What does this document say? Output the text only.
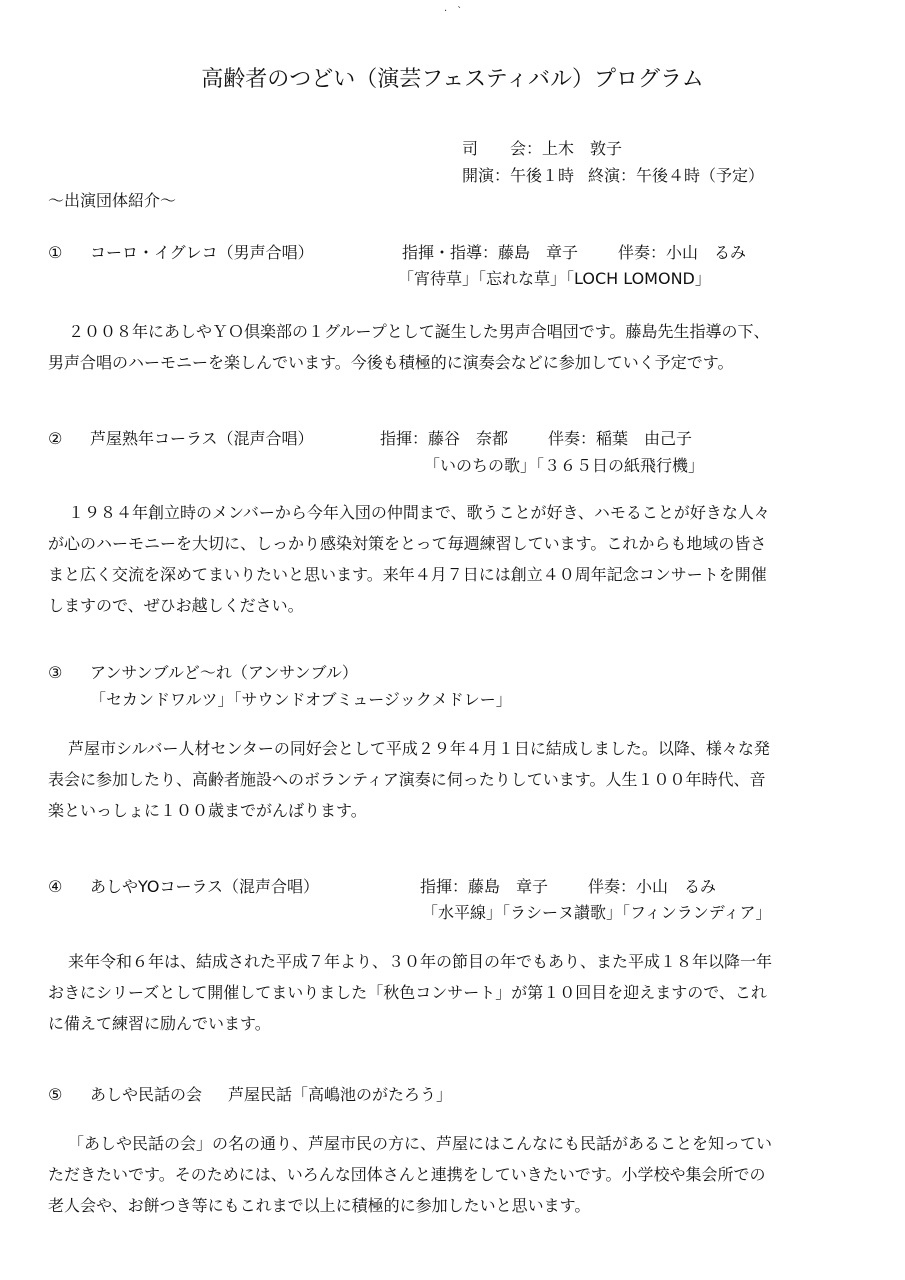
·　`
高齢者のつどい（演芸フェスティバル）プログラム
司　　会：上木　敦子
開演：午後１時 終演：午後４時（予定）
～出演団体紹介～
① コーロ・イグレコ（男声合唱）	指揮・指導：藤島　章子	伴奏：小山　るみ
「宵待草」「忘れな草」「LOCH LOMOND」
２００８年にあしやＹＯ倶楽部の１グループとして誕生した男声合唱団です。藤島先生指導の下、
男声合唱のハーモニーを楽しんでいます。今後も積極的に演奏会などに参加していく予定です。
② 芦屋熟年コーラス（混声合唱）	指揮：藤谷　奈都	伴奏：稲葉　由己子
「いのちの歌」「３６５日の紙飛行機」
１９８４年創立時のメンバーから今年入団の仲間まで、歌うことが好き、ハモることが好きな人々
が心のハーモニーを大切に、しっかり感染対策をとって毎週練習しています。これからも地域の皆さ
まと広く交流を深めてまいりたいと思います。来年４月７日には創立４０周年記念コンサートを開催
しますので、ぜひお越しください。
③ アンサンブルど～れ（アンサンブル）
「セカンドワルツ」「サウンドオブミュージックメドレー」
芦屋市シルバー人材センターの同好会として平成２９年４月１日に結成しました。以降、様々な発
表会に参加したり、高齢者施設へのボランティア演奏に伺ったりしています。人生１００年時代、音
楽といっしょに１００歳までがんばります。
④ あしやYOコーラス（混声合唱）	指揮：藤島　章子	伴奏：小山　るみ
「水平線」「ラシーヌ讃歌」「フィンランディア」
来年令和６年は、結成された平成７年より、３０年の節目の年でもあり、また平成１８年以降一年
おきにシリーズとして開催してまいりました「秋色コンサート」が第１０回目を迎えますので、これ
に備えて練習に励んでいます。
⑤ あしや民話の会 芦屋民話「高嶋池のがたろう」
「あしや民話の会」の名の通り、芦屋市民の方に、芦屋にはこんなにも民話があることを知ってい
ただきたいです。そのためには、いろんな団体さんと連携をしていきたいです。小学校や集会所での
老人会や、お餅つき等にもこれまで以上に積極的に参加したいと思います。
